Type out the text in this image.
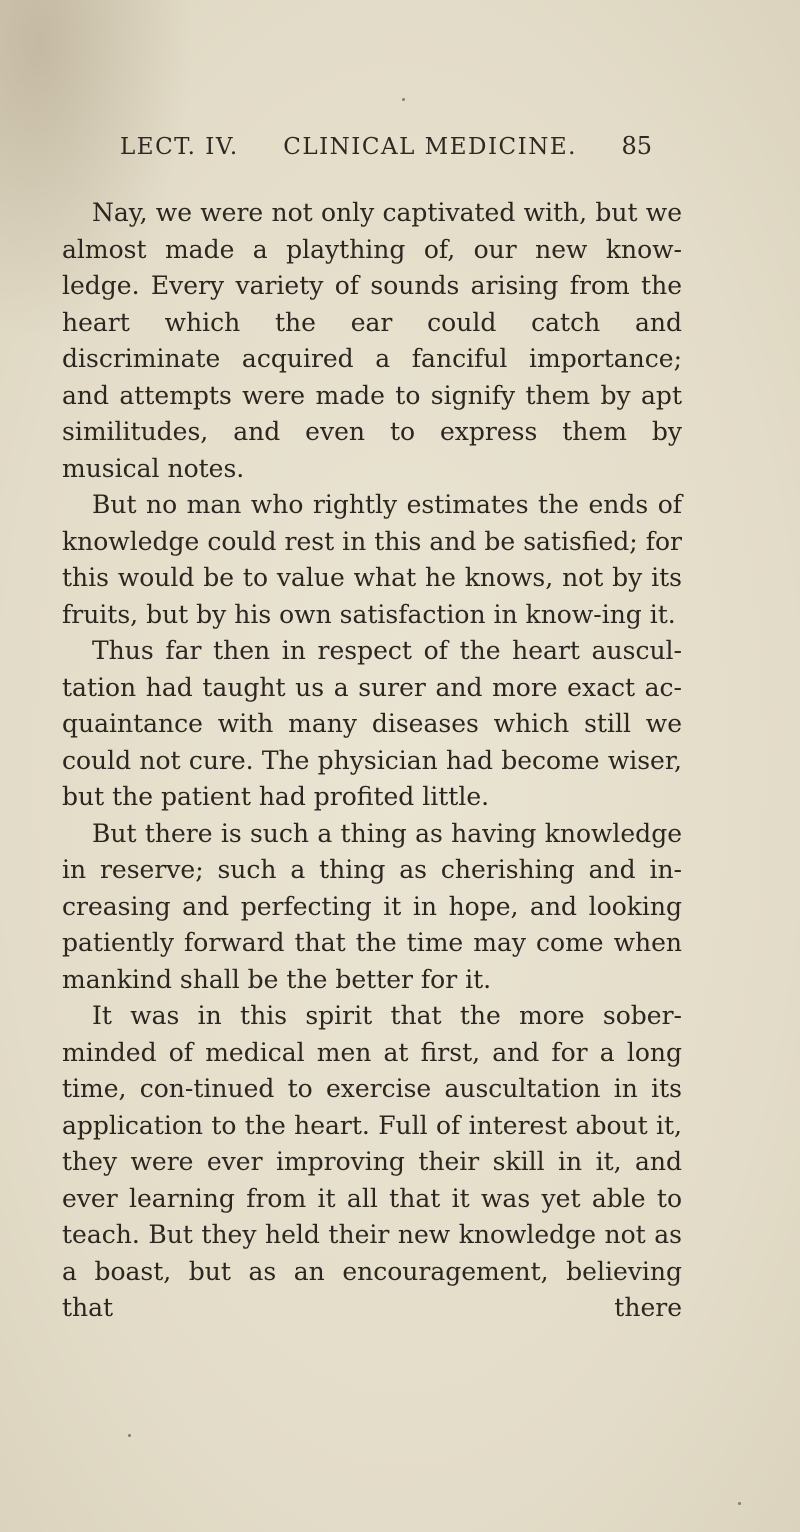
LECT. IV. CLINICAL MEDICINE. 85

Nay, we were not only captivated with, but we almost made a plaything of, our new know-ledge. Every variety of sounds arising from the heart which the ear could catch and discriminate acquired a fanciful importance; and attempts were made to signify them by apt similitudes, and even to express them by musical notes.

But no man who rightly estimates the ends of knowledge could rest in this and be satisfied; for this would be to value what he knows, not by its fruits, but by his own satisfaction in know-ing it.

Thus far then in respect of the heart auscul-tation had taught us a surer and more exact ac-quaintance with many diseases which still we could not cure. The physician had become wiser, but the patient had profited little.

But there is such a thing as having knowledge in reserve; such a thing as cherishing and in-creasing and perfecting it in hope, and looking patiently forward that the time may come when mankind shall be the better for it.

It was in this spirit that the more sober-minded of medical men at first, and for a long time, con-tinued to exercise auscultation in its application to the heart. Full of interest about it, they were ever improving their skill in it, and ever learning from it all that it was yet able to teach. But they held their new knowledge not as a boast, but as an encouragement, believing that there
